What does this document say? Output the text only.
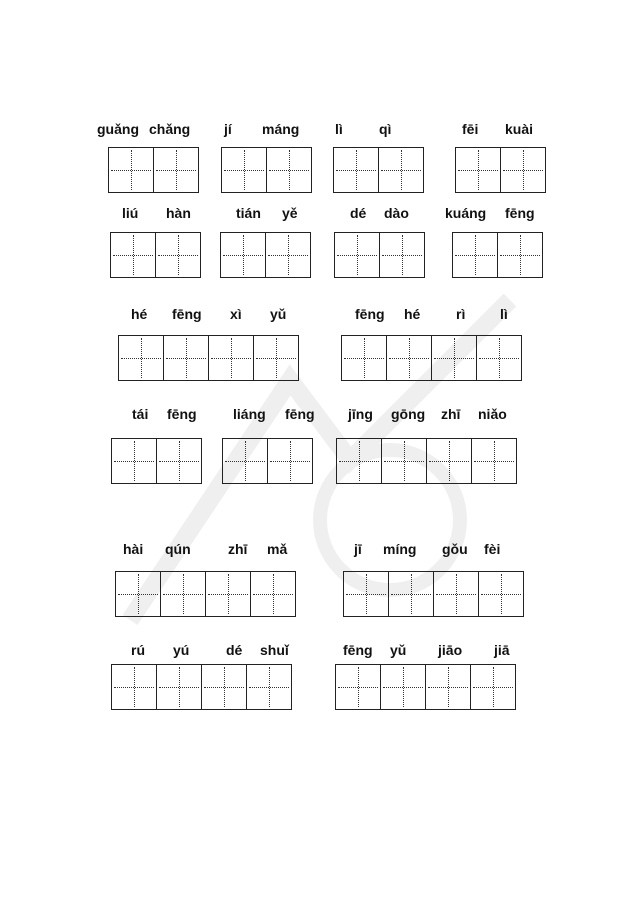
guǎng chǎng jí máng	lì	qì	fēi kuài
liú hàn	tián yě	dé dào	kuáng fēng
hé fēng xì yǔ	fēng hé	rì lì
tái fēng	liáng fēng jīng gōng zhī niǎo
hài qún	zhī mǎ	jī míng gǒu fèi
rú yú	dé shuǐ	fēng yǔ jiāo jiā
